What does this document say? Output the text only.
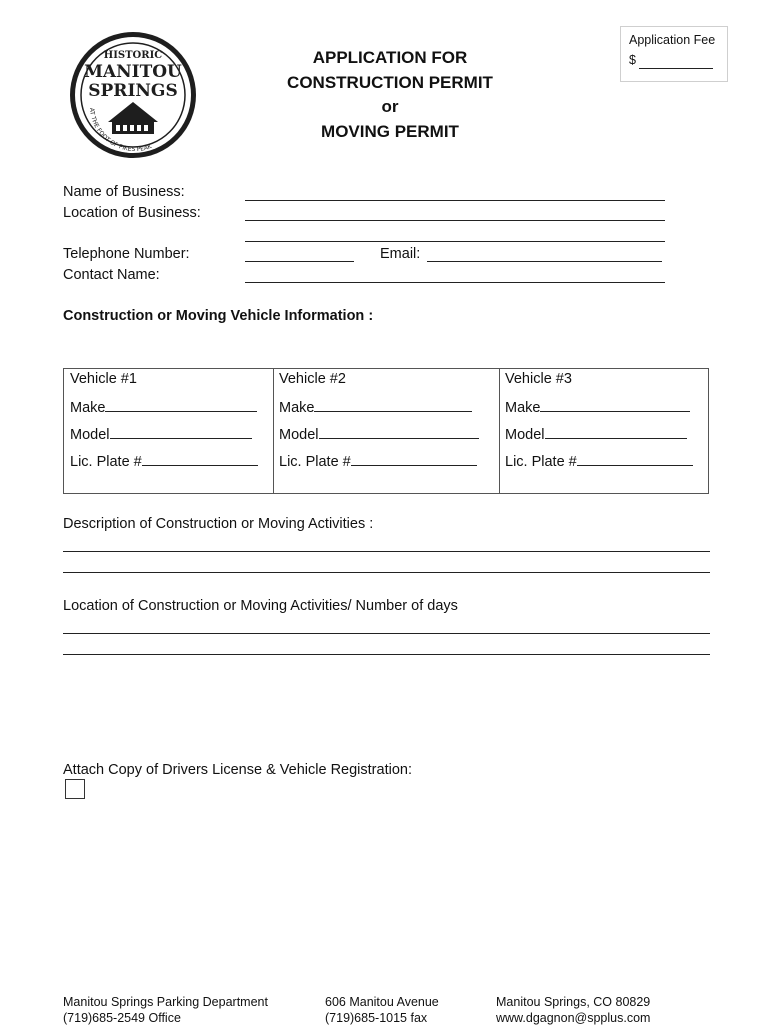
HISTORIC
MANITOU
SPRINGS
AT THE FOOT OF PIKES PEAK
APPLICATION FOR
CONSTRUCTION PERMIT
or
MOVING PERMIT
Application Fee
$
Name of Business:
Location of Business:
Telephone Number:	Email:
Contact Name:
Construction or Moving Vehicle Information :
Vehicle #1
Make
Model
Lic. Plate #
Vehicle #2
Make
Model
Lic. Plate #
Vehicle #3
Make
Model
Lic. Plate #
Description of Construction or Moving Activities :
Location of Construction or Moving Activities/ Number of days
Attach Copy of Drivers License & Vehicle Registration:
Manitou Springs Parking Department
(719)685-2549 Office
606 Manitou Avenue
(719)685-1015 fax
Manitou Springs, CO 80829
www.dgagnon@spplus.com
